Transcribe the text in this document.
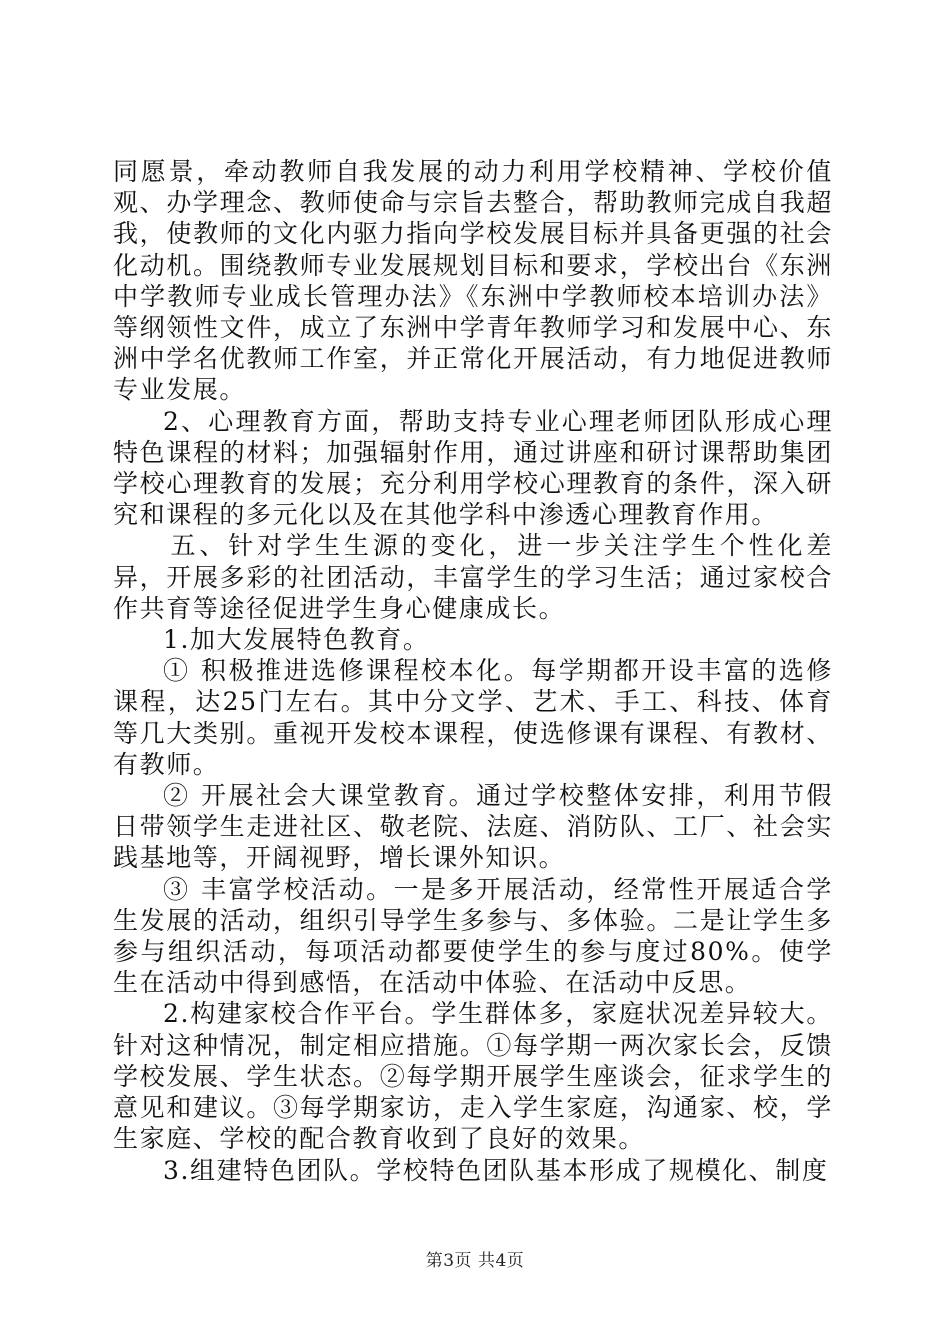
同愿景，牵动教师自我发展的动力利用学校精神、学校价值观、办学理念、教师使命与宗旨去整合，帮助教师完成自我超我，使教师的文化内驱力指向学校发展目标并具备更强的社会化动机。围绕教师专业发展规划目标和要求，学校出台《东洲中学教师专业成长管理办法》《东洲中学教师校本培训办法》等纲领性文件，成立了东洲中学青年教师学习和发展中心、东洲中学名优教师工作室，并正常化开展活动，有力地促进教师专业发展。

2、心理教育方面，帮助支持专业心理老师团队形成心理特色课程的材料；加强辐射作用，通过讲座和研讨课帮助集团学校心理教育的发展；充分利用学校心理教育的条件，深入研究和课程的多元化以及在其他学科中渗透心理教育作用。

五、针对学生生源的变化，进一步关注学生个性化差异，开展多彩的社团活动，丰富学生的学习生活；通过家校合作共育等途径促进学生身心健康成长。

1.加大发展特色教育。

① 积极推进选修课程校本化。每学期都开设丰富的选修课程，达25门左右。其中分文学、艺术、手工、科技、体育等几大类别。重视开发校本课程，使选修课有课程、有教材、有教师。

② 开展社会大课堂教育。通过学校整体安排，利用节假日带领学生走进社区、敬老院、法庭、消防队、工厂、社会实践基地等，开阔视野，增长课外知识。

③ 丰富学校活动。一是多开展活动，经常性开展适合学生发展的活动，组织引导学生多参与、多体验。二是让学生多参与组织活动，每项活动都要使学生的参与度过80%。使学生在活动中得到感悟，在活动中体验、在活动中反思。

2.构建家校合作平台。学生群体多，家庭状况差异较大。针对这种情况，制定相应措施。①每学期一两次家长会，反馈学校发展、学生状态。②每学期开展学生座谈会，征求学生的意见和建议。③每学期家访，走入学生家庭，沟通家、校，学生家庭、学校的配合教育收到了良好的效果。

3.组建特色团队。学校特色团队基本形成了规模化、制度

第3页 共4页
